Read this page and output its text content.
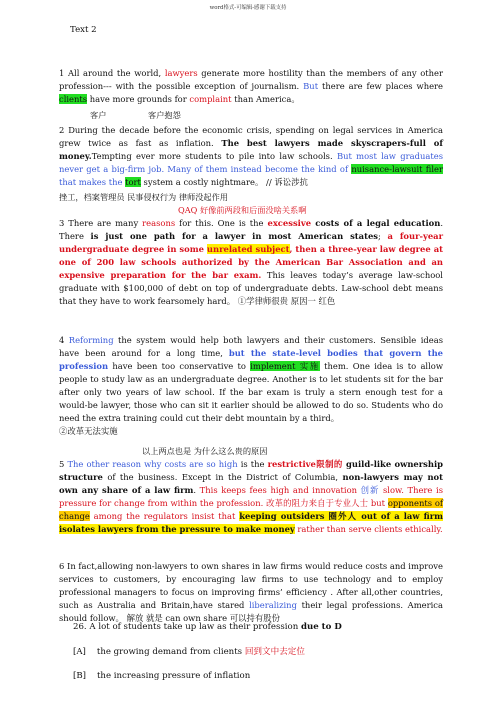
word格式-可编辑-感谢下载支持
Text 2

1 All around the world, lawyers generate more hostility than the members of any other profession--- with the possible exception of journalism. But there are few places where clients have more grounds for complaint than America。

客户	客户抱怨

2 During the decade before the economic crisis, spending on legal services in America grew twice as fast as inflation. The best lawyers made skyscrapers-full of money.Tempting ever more students to pile into law schools. But most law graduates never get a big-firm job. Many of them instead become the kind of nuisance-lawsuit filer that makes the tort system a costly nightmare。 // 诉讼涉抗

挫工，档案管理员 民事侵权行为 律师没起作用
QAQ 好像前两段和后面没啥关系啊

3 There are many reasons for this. One is the excessive costs of a legal education. There is just one path for a lawyer in most American states; a four-year undergraduate degree in some unrelated subject, then a three-year law degree at one of 200 law schools authorized by the American Bar Association and an expensive preparation for the bar exam. This leaves today’s average law-school graduate with $100,000 of debt on top of undergraduate debts. Law-school debt means that they have to work fearsomely hard。 ①学律师很贵 原因一 红色

4 Reforming the system would help both lawyers and their customers. Sensible ideas have been around for a long time, but the state-level bodies that govern the profession have been too conservative to implement 实施 them. One idea is to allow people to study law as an undergraduate degree. Another is to let students sit for the bar after only two years of law school. If the bar exam is truly a stern enough test for a would-be lawyer, those who can sit it earlier should be allowed to do so. Students who do need the extra training could cut their debt mountain by a third。
②改革无法实施

以上两点也是 为什么这么贵的原因

5 The other reason why costs are so high is the restrictive限制的 guild-like ownership structure of the business. Except in the District of Columbia, non-lawyers may not own any share of a law firm. This keeps fees high and innovation 创新 slow. There is pressure for change from within the profession. 改革的阻力来自于专业人士 but opponents of change among the regulators insist that keeping outsiders 圈外人 out of a law firm isolates lawyers from the pressure to make money rather than serve clients ethically.

6 In fact,allowing non-lawyers to own shares in law firms would reduce costs and improve services to customers, by encouraging law firms to use technology and to employ professional managers to focus on improving firms’ efficiency . After all,other countries, such as Australia and Britain,have stared liberalizing their legal professions. America should follow。 解放 就是 can own share 可以持有股份

26. A lot of students take up law as their profession due to D
[A] the growing demand from clients 回到文中去定位
[B] the increasing pressure of inflation
